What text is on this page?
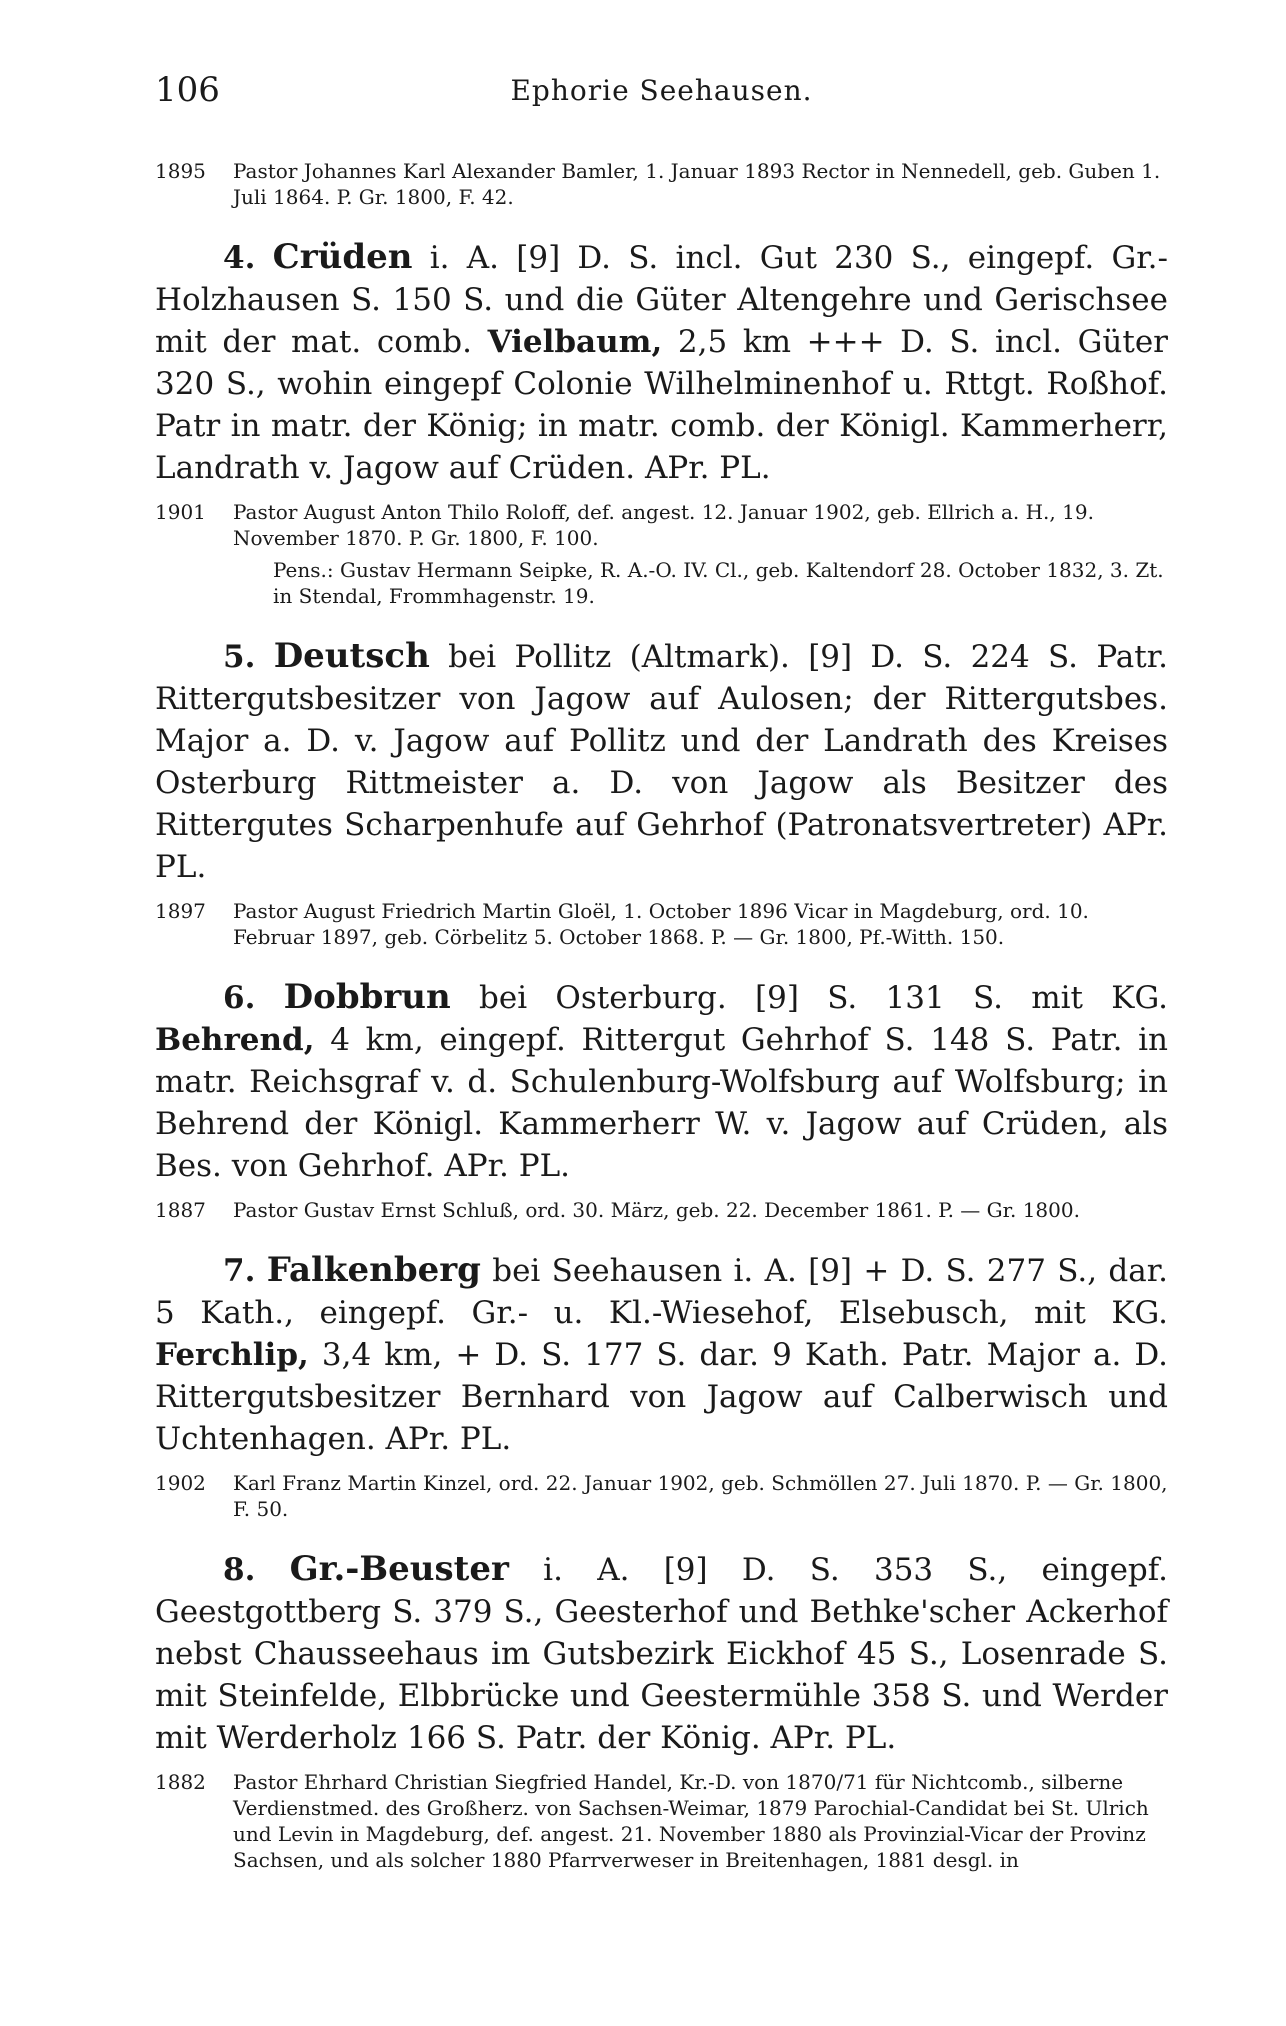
106	Ephorie Seehausen.
1895	Pastor Johannes Karl Alexander Bamler, 1. Januar 1893 Rector in Nennedell, geb. Guben 1. Juli 1864. P. Gr. 1800, F. 42.

4. Crüden i. A. [9] D. S. incl. Gut 230 S., eingepf. Gr.-Holzhausen S. 150 S. und die Güter Altengehre und Gerischsee mit der mat. comb. Vielbaum, 2,5 km +++ D. S. incl. Güter 320 S., wohin eingepf Colonie Wilhelminenhof u. Rttgt. Roßhof. Patr in matr. der König; in matr. comb. der Königl. Kammerherr, Landrath v. Jagow auf Crüden. APr. PL.

1901	Pastor August Anton Thilo Roloff, def. angest. 12. Januar 1902, geb. Ellrich a. H., 19. November 1870. P. Gr. 1800, F. 100.
Pens.: Gustav Hermann Seipke, R. A.-O. IV. Cl., geb. Kaltendorf 28. October 1832, 3. Zt. in Stendal, Frommhagenstr. 19.

5. Deutsch bei Pollitz (Altmark). [9] D. S. 224 S. Patr. Rittergutsbesitzer von Jagow auf Aulosen; der Rittergutsbes. Major a. D. v. Jagow auf Pollitz und der Landrath des Kreises Osterburg Rittmeister a. D. von Jagow als Besitzer des Rittergutes Scharpenhufe auf Gehrhof (Patronatsvertreter) APr. PL.

1897	Pastor August Friedrich Martin Gloël, 1. October 1896 Vicar in Magdeburg, ord. 10. Februar 1897, geb. Cörbelitz 5. October 1868. P. — Gr. 1800, Pf.-Witth. 150.

6. Dobbrun bei Osterburg. [9] S. 131 S. mit KG. Behrend, 4 km, eingepf. Rittergut Gehrhof S. 148 S. Patr. in matr. Reichsgraf v. d. Schulenburg-Wolfsburg auf Wolfsburg; in Behrend der Königl. Kammerherr W. v. Jagow auf Crüden, als Bes. von Gehrhof. APr. PL.

1887	Pastor Gustav Ernst Schluß, ord. 30. März, geb. 22. December 1861. P. — Gr. 1800.

7. Falkenberg bei Seehausen i. A. [9] + D. S. 277 S., dar. 5 Kath., eingepf. Gr.- u. Kl.-Wiesehof, Elsebusch, mit KG. Ferchlip, 3,4 km, + D. S. 177 S. dar. 9 Kath. Patr. Major a. D. Rittergutsbesitzer Bernhard von Jagow auf Calberwisch und Uchtenhagen. APr. PL.

1902	Karl Franz Martin Kinzel, ord. 22. Januar 1902, geb. Schmöllen 27. Juli 1870. P. — Gr. 1800, F. 50.

8. Gr.-Beuster i. A. [9] D. S. 353 S., eingepf. Geestgottberg S. 379 S., Geesterhof und Bethke'scher Ackerhof nebst Chausseehaus im Gutsbezirk Eickhof 45 S., Losenrade S. mit Steinfelde, Elbbrücke und Geestermühle 358 S. und Werder mit Werderholz 166 S. Patr. der König. APr. PL.

1882	Pastor Ehrhard Christian Siegfried Handel, Kr.-D. von 1870/71 für Nichtcomb., silberne Verdienstmed. des Großherz. von Sachsen-Weimar, 1879 Parochial-Candidat bei St. Ulrich und Levin in Magdeburg, def. angest. 21. November 1880 als Provinzial-Vicar der Provinz Sachsen, und als solcher 1880 Pfarrverweser in Breitenhagen, 1881 desgl. in
